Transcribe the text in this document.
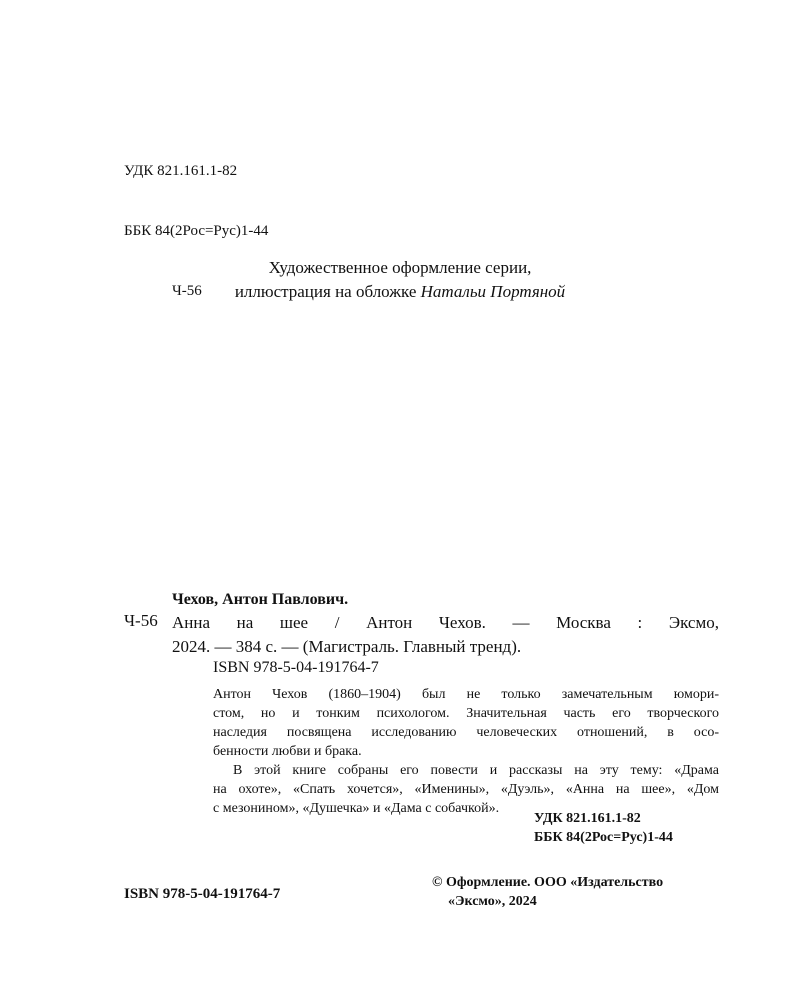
УДК 821.161.1-82

ББК 84(2Рос=Рус)1-44

Ч-56

Художественное оформление серии,
иллюстрация на обложке Натальи Портяной
Чехов, Антон Павлович.
Ч-56 Анна на шее / Антон Чехов. — Москва : Эксмо,
2024. — 384 с. — (Магистраль. Главный тренд).
ISBN 978-5-04-191764-7
Антон Чехов (1860–1904) был не только замечательным юмори-
стом, но и тонким психологом. Значительная часть его творческого
наследия посвящена исследованию человеческих отношений, в осо-
бенности любви и брака.
В этой книге собраны его повести и рассказы на эту тему: «Драма
на охоте», «Спать хочется», «Именины», «Дуэль», «Анна на шее», «Дом
с мезонином», «Душечка» и «Дама с собачкой».
УДК 821.161.1-82
ББК 84(2Рос=Рус)1-44
ISBN 978-5-04-191764-7
© Оформление. ООО «Издательство
«Эксмо», 2024
